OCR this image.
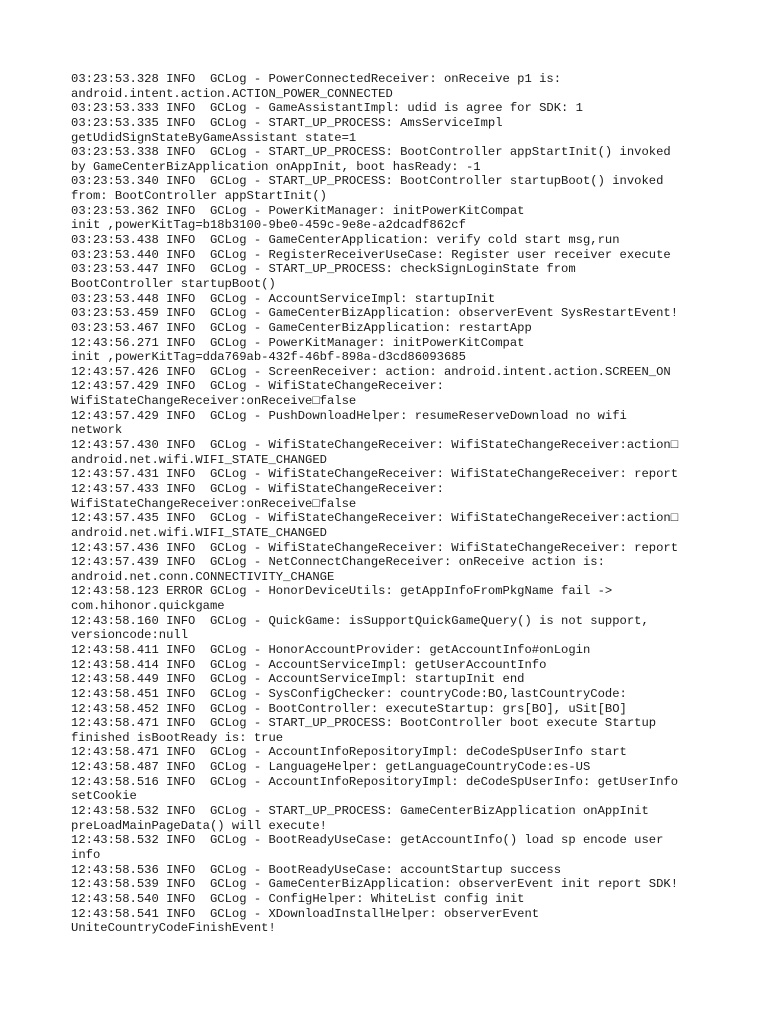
03:23:53.328 INFO  GCLog - PowerConnectedReceiver: onReceive p1 is:
android.intent.action.ACTION_POWER_CONNECTED
03:23:53.333 INFO  GCLog - GameAssistantImpl: udid is agree for SDK: 1
03:23:53.335 INFO  GCLog - START_UP_PROCESS: AmsServiceImpl
getUdidSignStateByGameAssistant state=1
03:23:53.338 INFO  GCLog - START_UP_PROCESS: BootController appStartInit() invoked
by GameCenterBizApplication onAppInit, boot hasReady: -1
03:23:53.340 INFO  GCLog - START_UP_PROCESS: BootController startupBoot() invoked
from: BootController appStartInit()
03:23:53.362 INFO  GCLog - PowerKitManager: initPowerKitCompat
init ,powerKitTag=b18b3100-9be0-459c-9e8e-a2dcadf862cf
03:23:53.438 INFO  GCLog - GameCenterApplication: verify cold start msg,run
03:23:53.440 INFO  GCLog - RegisterReceiverUseCase: Register user receiver execute
03:23:53.447 INFO  GCLog - START_UP_PROCESS: checkSignLoginState from
BootController startupBoot()
03:23:53.448 INFO  GCLog - AccountServiceImpl: startupInit
03:23:53.459 INFO  GCLog - GameCenterBizApplication: observerEvent SysRestartEvent!
03:23:53.467 INFO  GCLog - GameCenterBizApplication: restartApp
12:43:56.271 INFO  GCLog - PowerKitManager: initPowerKitCompat
init ,powerKitTag=dda769ab-432f-46bf-898a-d3cd86093685
12:43:57.426 INFO  GCLog - ScreenReceiver: action: android.intent.action.SCREEN_ON
12:43:57.429 INFO  GCLog - WifiStateChangeReceiver:
WifiStateChangeReceiver:onReceive□false
12:43:57.429 INFO  GCLog - PushDownloadHelper: resumeReserveDownload no wifi
network
12:43:57.430 INFO  GCLog - WifiStateChangeReceiver: WifiStateChangeReceiver:action□
android.net.wifi.WIFI_STATE_CHANGED
12:43:57.431 INFO  GCLog - WifiStateChangeReceiver: WifiStateChangeReceiver: report
12:43:57.433 INFO  GCLog - WifiStateChangeReceiver:
WifiStateChangeReceiver:onReceive□false
12:43:57.435 INFO  GCLog - WifiStateChangeReceiver: WifiStateChangeReceiver:action□
android.net.wifi.WIFI_STATE_CHANGED
12:43:57.436 INFO  GCLog - WifiStateChangeReceiver: WifiStateChangeReceiver: report
12:43:57.439 INFO  GCLog - NetConnectChangeReceiver: onReceive action is:
android.net.conn.CONNECTIVITY_CHANGE
12:43:58.123 ERROR GCLog - HonorDeviceUtils: getAppInfoFromPkgName fail ->
com.hihonor.quickgame
12:43:58.160 INFO  GCLog - QuickGame: isSupportQuickGameQuery() is not support,
versioncode:null
12:43:58.411 INFO  GCLog - HonorAccountProvider: getAccountInfo#onLogin
12:43:58.414 INFO  GCLog - AccountServiceImpl: getUserAccountInfo
12:43:58.449 INFO  GCLog - AccountServiceImpl: startupInit end
12:43:58.451 INFO  GCLog - SysConfigChecker: countryCode:BO,lastCountryCode:
12:43:58.452 INFO  GCLog - BootController: executeStartup: grs[BO], uSit[BO]
12:43:58.471 INFO  GCLog - START_UP_PROCESS: BootController boot execute Startup
finished isBootReady is: true
12:43:58.471 INFO  GCLog - AccountInfoRepositoryImpl: deCodeSpUserInfo start
12:43:58.487 INFO  GCLog - LanguageHelper: getLanguageCountryCode:es-US
12:43:58.516 INFO  GCLog - AccountInfoRepositoryImpl: deCodeSpUserInfo: getUserInfo
setCookie
12:43:58.532 INFO  GCLog - START_UP_PROCESS: GameCenterBizApplication onAppInit
preLoadMainPageData() will execute!
12:43:58.532 INFO  GCLog - BootReadyUseCase: getAccountInfo() load sp encode user
info
12:43:58.536 INFO  GCLog - BootReadyUseCase: accountStartup success
12:43:58.539 INFO  GCLog - GameCenterBizApplication: observerEvent init report SDK!
12:43:58.540 INFO  GCLog - ConfigHelper: WhiteList config init
12:43:58.541 INFO  GCLog - XDownloadInstallHelper: observerEvent
UniteCountryCodeFinishEvent!
